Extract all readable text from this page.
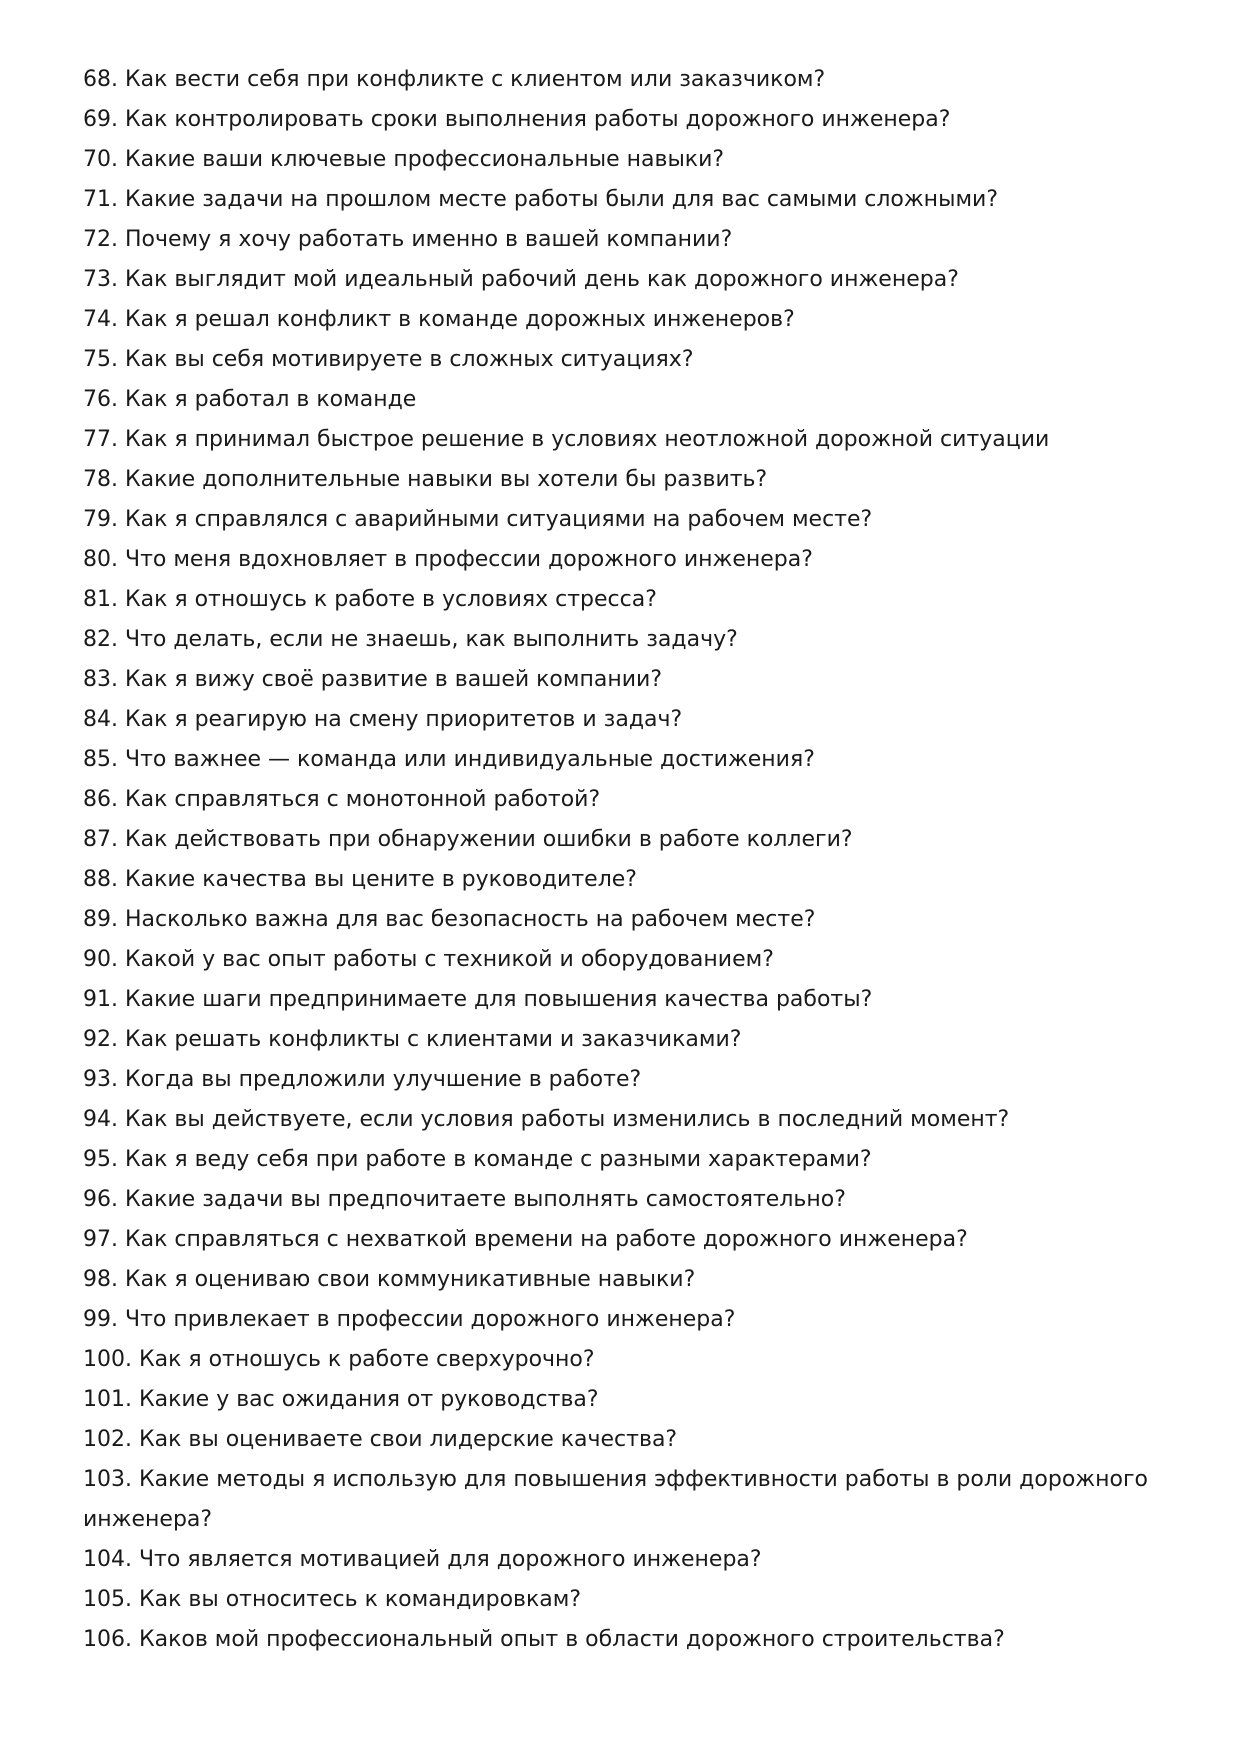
68. Как вести себя при конфликте с клиентом или заказчиком?
69. Как контролировать сроки выполнения работы дорожного инженера?
70. Какие ваши ключевые профессиональные навыки?
71. Какие задачи на прошлом месте работы были для вас самыми сложными?
72. Почему я хочу работать именно в вашей компании?
73. Как выглядит мой идеальный рабочий день как дорожного инженера?
74. Как я решал конфликт в команде дорожных инженеров?
75. Как вы себя мотивируете в сложных ситуациях?
76. Как я работал в команде
77. Как я принимал быстрое решение в условиях неотложной дорожной ситуации
78. Какие дополнительные навыки вы хотели бы развить?
79. Как я справлялся с аварийными ситуациями на рабочем месте?
80. Что меня вдохновляет в профессии дорожного инженера?
81. Как я отношусь к работе в условиях стресса?
82. Что делать, если не знаешь, как выполнить задачу?
83. Как я вижу своё развитие в вашей компании?
84. Как я реагирую на смену приоритетов и задач?
85. Что важнее — команда или индивидуальные достижения?
86. Как справляться с монотонной работой?
87. Как действовать при обнаружении ошибки в работе коллеги?
88. Какие качества вы цените в руководителе?
89. Насколько важна для вас безопасность на рабочем месте?
90. Какой у вас опыт работы с техникой и оборудованием?
91. Какие шаги предпринимаете для повышения качества работы?
92. Как решать конфликты с клиентами и заказчиками?
93. Когда вы предложили улучшение в работе?
94. Как вы действуете, если условия работы изменились в последний момент?
95. Как я веду себя при работе в команде с разными характерами?
96. Какие задачи вы предпочитаете выполнять самостоятельно?
97. Как справляться с нехваткой времени на работе дорожного инженера?
98. Как я оцениваю свои коммуникативные навыки?
99. Что привлекает в профессии дорожного инженера?
100. Как я отношусь к работе сверхурочно?
101. Какие у вас ожидания от руководства?
102. Как вы оцениваете свои лидерские качества?
103. Какие методы я использую для повышения эффективности работы в роли дорожного инженера?
104. Что является мотивацией для дорожного инженера?
105. Как вы относитесь к командировкам?
106. Каков мой профессиональный опыт в области дорожного строительства?
